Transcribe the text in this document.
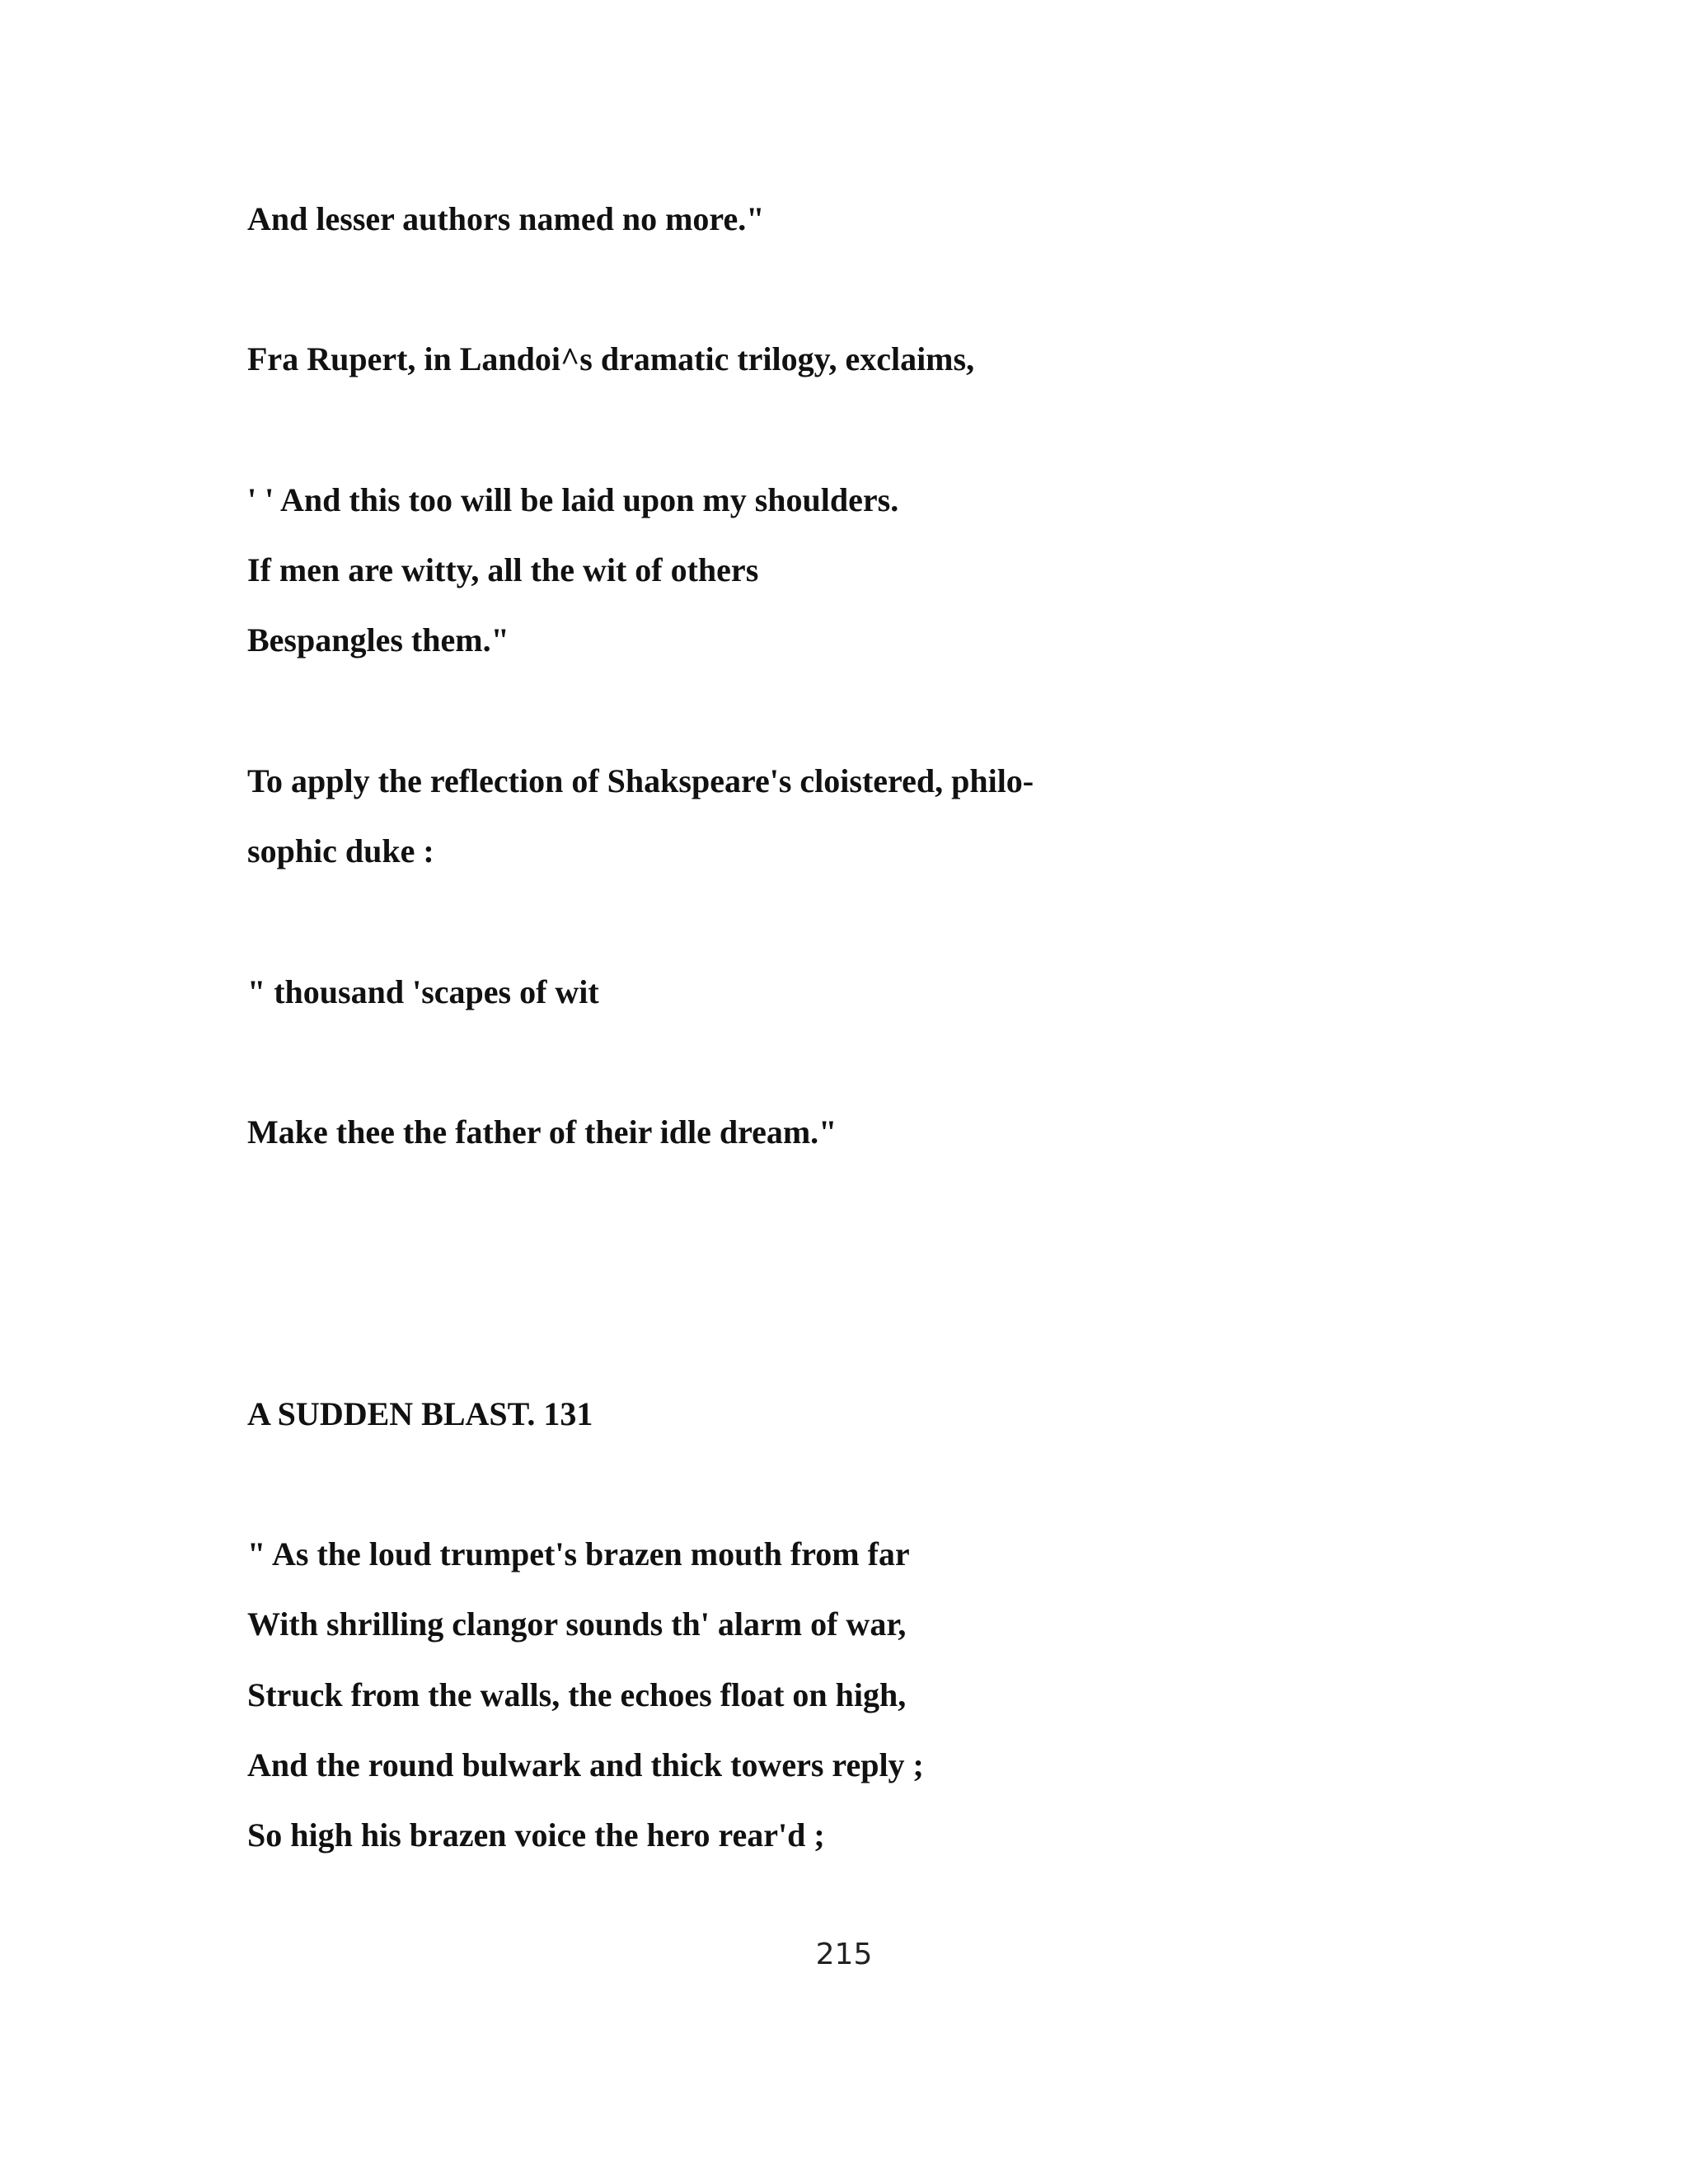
And lesser authors named no more."

Fra Rupert, in Landoi^s dramatic trilogy, exclaims,

' ' And this too will be laid upon my shoulders.

If men are witty, all the wit of others

Bespangles them."

To apply the reflection of Shakspeare's cloistered, philo-

sophic duke :

" thousand 'scapes of wit

Make thee the father of their idle dream."

A SUDDEN BLAST. 131

" As the loud trumpet's brazen mouth from far

With shrilling clangor sounds th' alarm of war,

Struck from the walls, the echoes float on high,

And the round bulwark and thick towers reply ;

So high his brazen voice the hero rear'd ;

215
